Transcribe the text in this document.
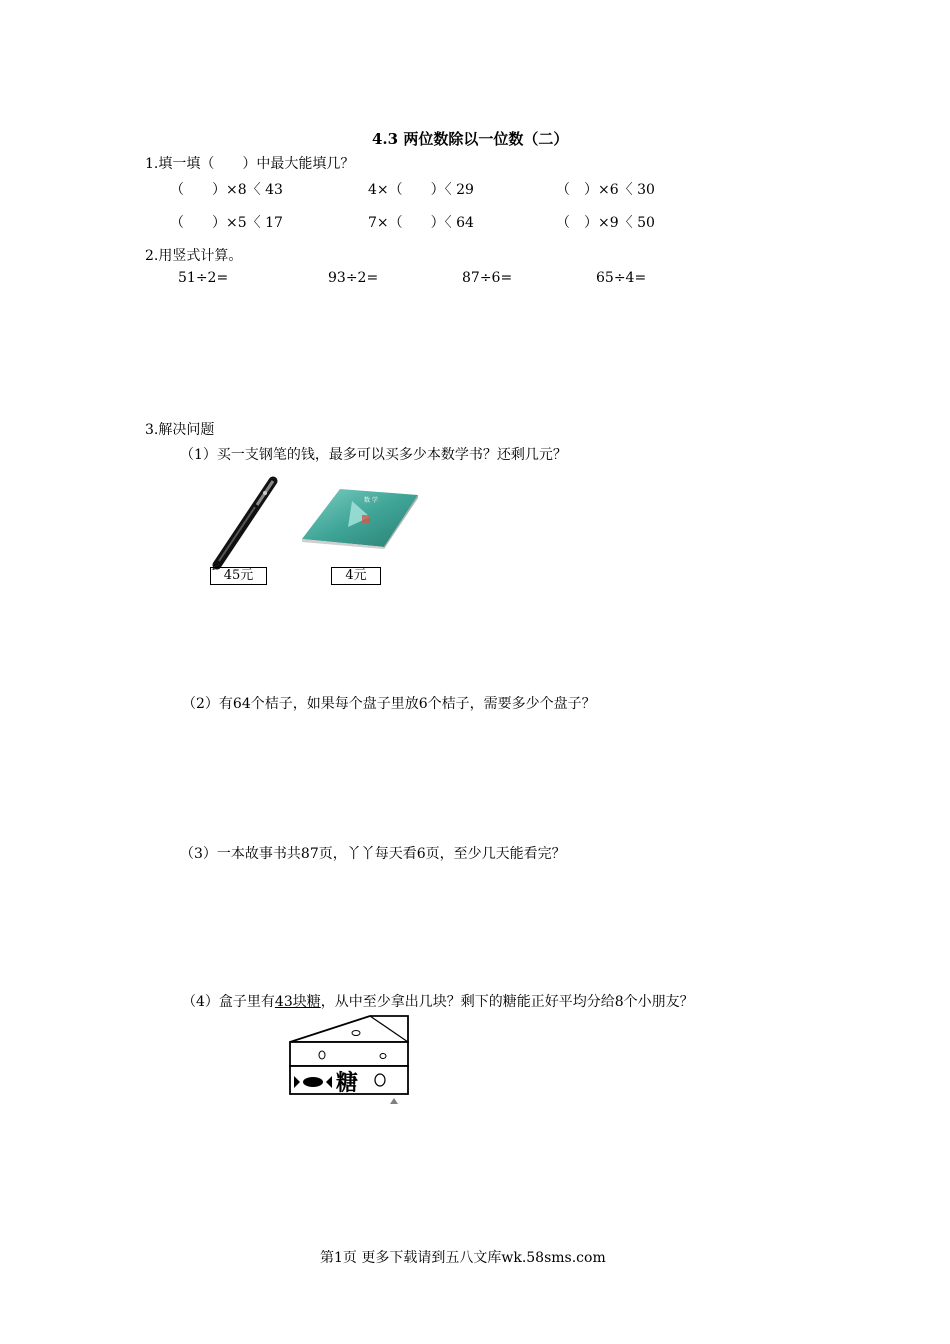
4.3 两位数除以一位数（二）
1.填一填（　　）中最大能填几？
（　　）×8〈 43	4×（　　）〈 29	（　）×6〈 30
（　　）×5〈 17	7×（　　）〈 64	（　）×9〈 50
2.用竖式计算。
51÷2=	93÷2=	87÷6=	65÷4=
3.解决问题
（1）买一支钢笔的钱，最多可以买多少本数学书？还剩几元？
数 学
45元	4元
（2）有64个桔子，如果每个盘子里放6个桔子，需要多少个盘子？
（3）一本故事书共87页，丫丫每天看6页，至少几天能看完？
（4）盒子里有43块糖，从中至少拿出几块？剩下的糖能正好平均分给8个小朋友？
糖
第1页 更多下载请到五八文库wk.58sms.com
